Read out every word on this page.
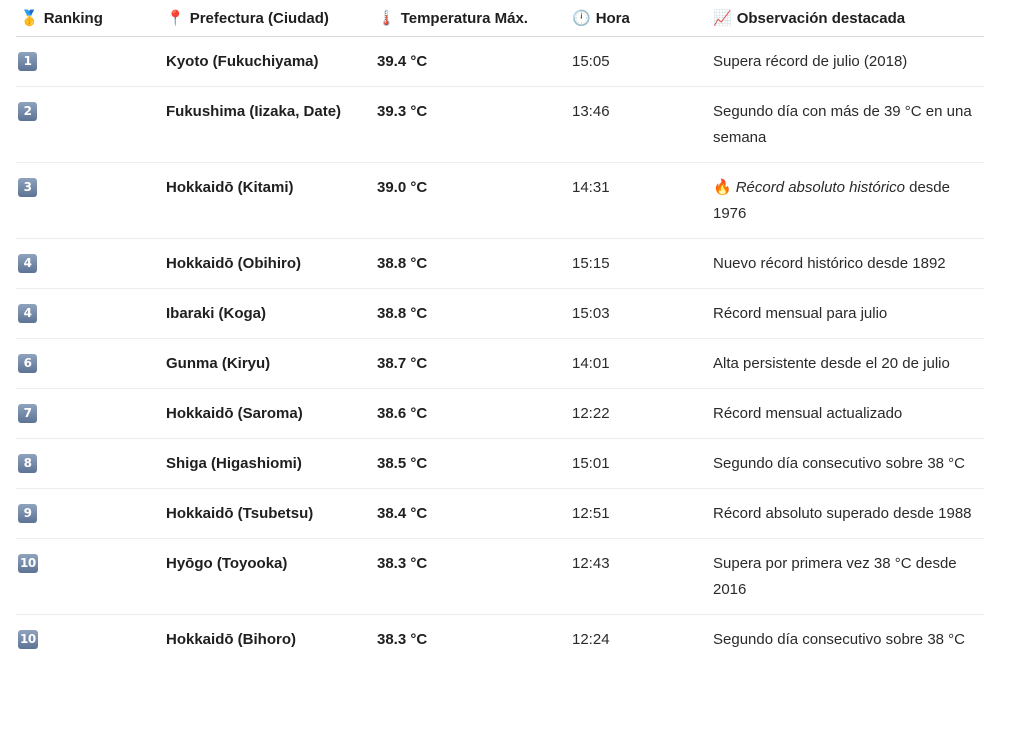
🥇 Ranking	📍 Prefectura (Ciudad)	🌡️ Temperatura Máx.	🕛 Hora	📈 Observación destacada
1	Kyoto (Fukuchiyama)	39.4 °C	15:05	Supera récord de julio (2018)
2	Fukushima (Iizaka, Date)	39.3 °C	13:46	Segundo día con más de 39 °C en una semana
3	Hokkaidō (Kitami)	39.0 °C	14:31	🔥 Récord absoluto histórico desde 1976
4	Hokkaidō (Obihiro)	38.8 °C	15:15	Nuevo récord histórico desde 1892
4	Ibaraki (Koga)	38.8 °C	15:03	Récord mensual para julio
6	Gunma (Kiryu)	38.7 °C	14:01	Alta persistente desde el 20 de julio
7	Hokkaidō (Saroma)	38.6 °C	12:22	Récord mensual actualizado
8	Shiga (Higashiomi)	38.5 °C	15:01	Segundo día consecutivo sobre 38 °C
9	Hokkaidō (Tsubetsu)	38.4 °C	12:51	Récord absoluto superado desde 1988
10	Hyōgo (Toyooka)	38.3 °C	12:43	Supera por primera vez 38 °C desde 2016
10	Hokkaidō (Bihoro)	38.3 °C	12:24	Segundo día consecutivo sobre 38 °C
